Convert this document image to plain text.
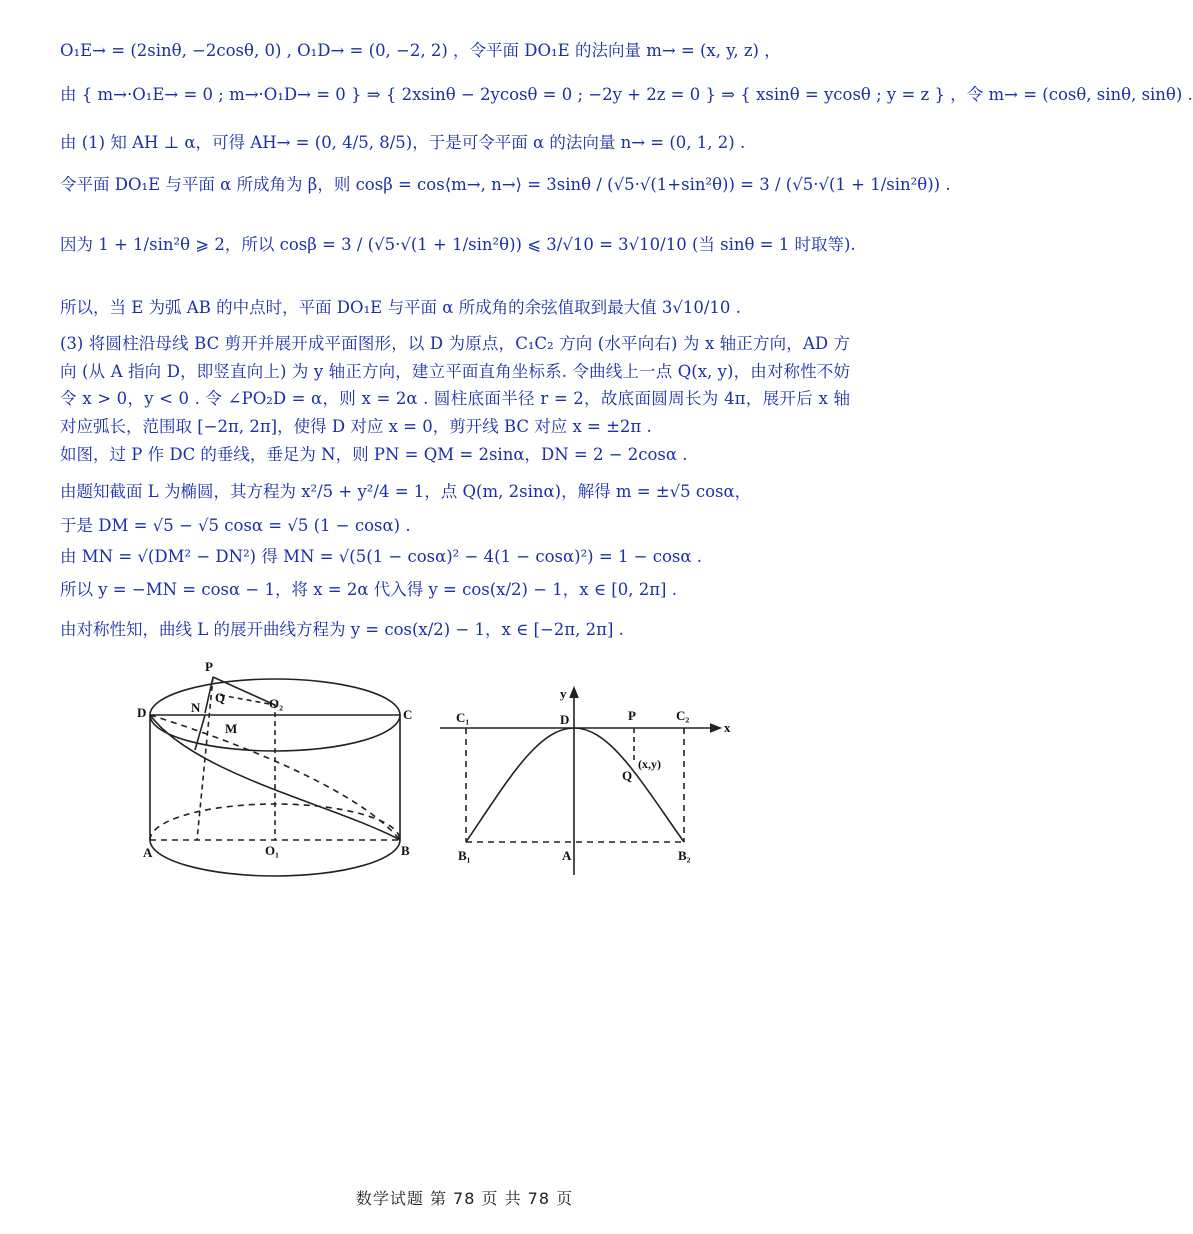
O₁E→ = (2sinθ, −2cosθ, 0) , O₁D→ = (0, −2, 2) ，令平面 DO₁E 的法向量 m→ = (x, y, z) ，
由 { m→·O₁E→ = 0 ; m→·O₁D→ = 0 } ⇒ { 2xsinθ − 2ycosθ = 0 ; −2y + 2z = 0 } ⇒ { xsinθ = ycosθ ; y = z } ，令 m→ = (cosθ, sinθ, sinθ) .
由 (1) 知 AH ⊥ α，可得 AH→ = (0, 4/5, 8/5)，于是可令平面 α 的法向量 n→ = (0, 1, 2) .
令平面 DO₁E 与平面 α 所成角为 β，则 cosβ = cos⟨m→, n→⟩ = 3sinθ / (√5·√(1+sin²θ)) = 3 / (√5·√(1 + 1/sin²θ)) .
因为 1 + 1/sin²θ ⩾ 2，所以 cosβ = 3 / (√5·√(1 + 1/sin²θ)) ⩽ 3/√10 = 3√10/10 (当 sinθ = 1 时取等).
所以，当 E 为弧 AB 的中点时，平面 DO₁E 与平面 α 所成角的余弦值取到最大值 3√10/10 .
(3) 将圆柱沿母线 BC 剪开并展开成平面图形，以 D 为原点，C₁C₂ 方向 (水平向右) 为 x 轴正方向，AD 方向 (从 A 指向 D，即竖直向上) 为 y 轴正方向，建立平面直角坐标系. 令曲线上一点 Q(x, y)，由对称性不妨令 x > 0，y < 0 . 令 ∠PO₂D = α，则 x = 2α . 圆柱底面半径 r = 2，故底面圆周长为 4π，展开后 x 轴对应弧长，范围取 [−2π, 2π]，使得 D 对应 x = 0，剪开线 BC 对应 x = ±2π .
如图，过 P 作 DC 的垂线，垂足为 N，则 PN = QM = 2sinα，DN = 2 − 2cosα .
由题知截面 L 为椭圆，其方程为 x²/5 + y²/4 = 1，点 Q(m, 2sinα)，解得 m = ±√5 cosα，
于是 DM = √5 − √5 cosα = √5 (1 − cosα) .
由 MN = √(DM² − DN²) 得 MN = √(5(1 − cosα)² − 4(1 − cosα)²) = 1 − cosα .
所以 y = −MN = cosα − 1，将 x = 2α 代入得 y = cos(x/2) − 1，x ∈ [0, 2π] .
由对称性知，曲线 L 的展开曲线方程为 y = cos(x/2) − 1，x ∈ [−2π, 2π] .
P
Q	O₂
D	N
M
C
A	O₁	B
y
C₁	D	P	C₂
x
Q
(x,y)
B₁	A	B₂
数学试题 第 78 页 共 78 页
